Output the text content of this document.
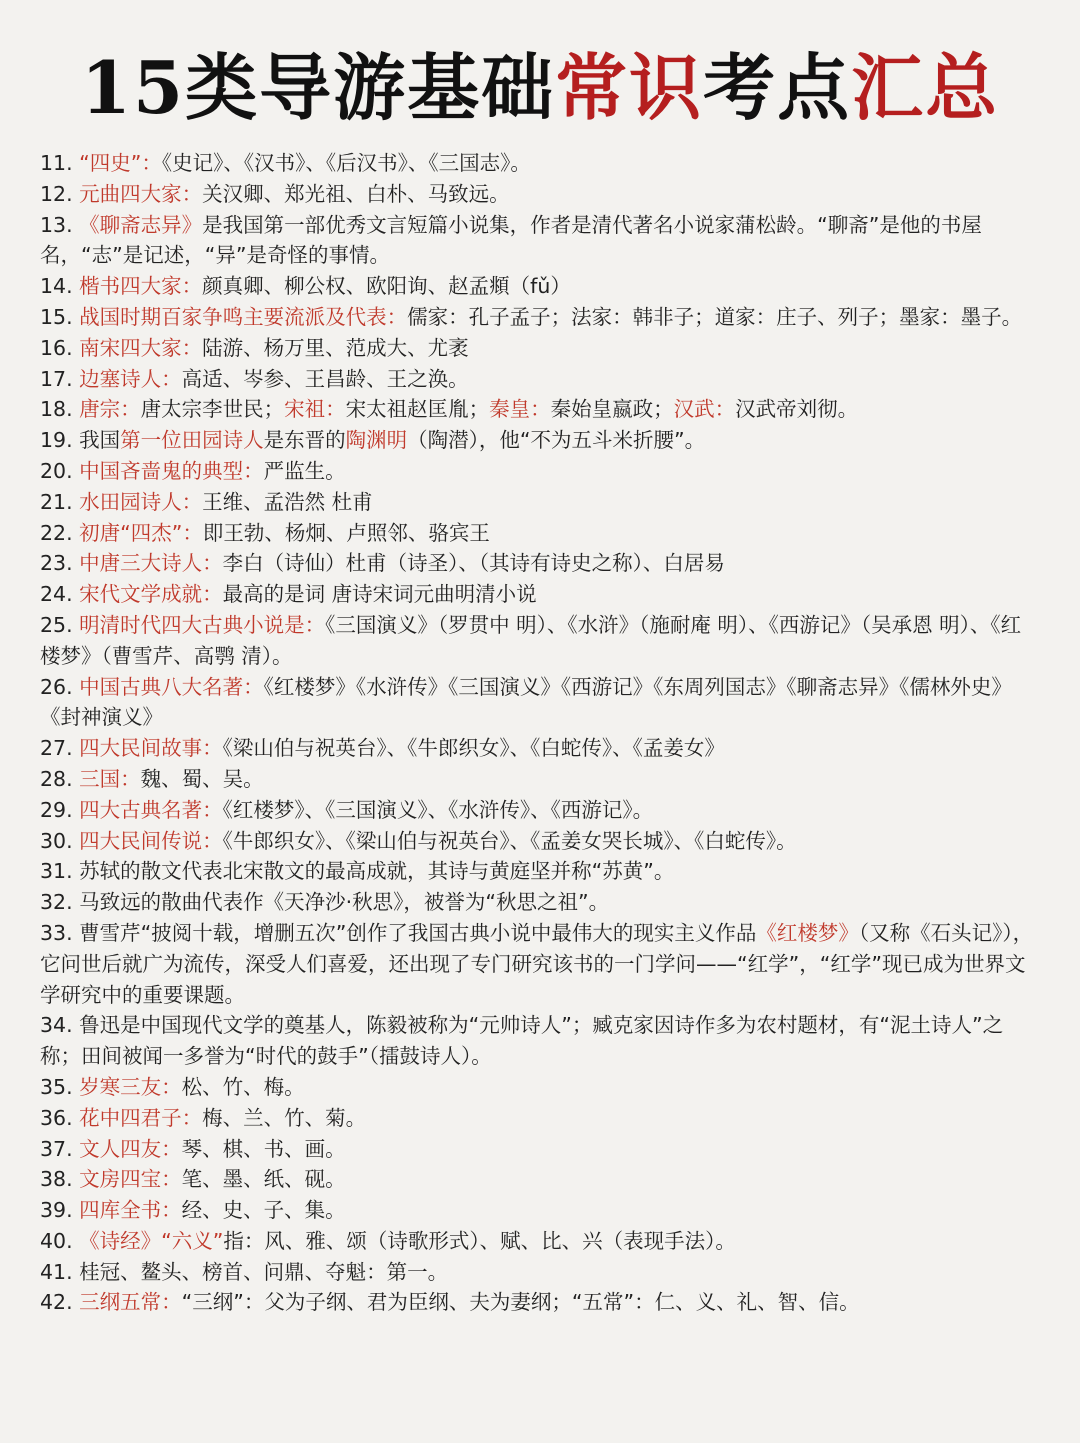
15类导游基础常识考点汇总

11. “四史”：《史记》、《汉书》、《后汉书》、《三国志》。

12. 元曲四大家：关汉卿、郑光祖、白朴、马致远。

13. 《聊斋志异》是我国第一部优秀文言短篇小说集，作者是清代著名小说家蒲松龄。“聊斋”是他的书屋名，“志”是记述，“异”是奇怪的事情。

14. 楷书四大家：颜真卿、柳公权、欧阳询、赵孟頫（fǔ）

15. 战国时期百家争鸣主要流派及代表：儒家：孔子孟子；法家：韩非子；道家：庄子、列子；墨家：墨子。

16. 南宋四大家：陆游、杨万里、范成大、尤袤

17. 边塞诗人：高适、岑参、王昌龄、王之涣。

18. 唐宗：唐太宗李世民；宋祖：宋太祖赵匡胤；秦皇：秦始皇嬴政；汉武：汉武帝刘彻。

19. 我国第一位田园诗人是东晋的陶渊明（陶潜），他“不为五斗米折腰”。

20. 中国吝啬鬼的典型：严监生。

21. 水田园诗人：王维、孟浩然 杜甫

22. 初唐“四杰”：即王勃、杨炯、卢照邻、骆宾王

23. 中唐三大诗人：李白（诗仙）杜甫（诗圣）、（其诗有诗史之称）、白居易

24. 宋代文学成就：最高的是词 唐诗宋词元曲明清小说

25. 明清时代四大古典小说是：《三国演义》（罗贯中 明）、《水浒》（施耐庵 明）、《西游记》（吴承恩 明）、《红楼梦》（曹雪芹、高鹗 清）。

26. 中国古典八大名著：《红楼梦》《水浒传》《三国演义》《西游记》《东周列国志》《聊斋志异》《儒林外史》《封神演义》

27. 四大民间故事：《梁山伯与祝英台》、《牛郎织女》、《白蛇传》、《孟姜女》

28. 三国：魏、蜀、吴。

29. 四大古典名著：《红楼梦》、《三国演义》、《水浒传》、《西游记》。

30. 四大民间传说：《牛郎织女》、《梁山伯与祝英台》、《孟姜女哭长城》、《白蛇传》。

31. 苏轼的散文代表北宋散文的最高成就，其诗与黄庭坚并称“苏黄”。

32. 马致远的散曲代表作《天净沙·秋思》，被誉为“秋思之祖”。

33. 曹雪芹“披阅十载，增删五次”创作了我国古典小说中最伟大的现实主义作品《红楼梦》（又称《石头记》），它问世后就广为流传，深受人们喜爱，还出现了专门研究该书的一门学问——“红学”，“红学”现已成为世界文学研究中的重要课题。

34. 鲁迅是中国现代文学的奠基人，陈毅被称为“元帅诗人”；臧克家因诗作多为农村题材，有“泥土诗人”之称；田间被闻一多誉为“时代的鼓手”（擂鼓诗人）。

35. 岁寒三友：松、竹、梅。

36. 花中四君子：梅、兰、竹、菊。

37. 文人四友：琴、棋、书、画。

38. 文房四宝：笔、墨、纸、砚。

39. 四库全书：经、史、子、集。

40. 《诗经》“六义”指：风、雅、颂（诗歌形式）、赋、比、兴（表现手法）。

41. 桂冠、鳌头、榜首、问鼎、夺魁：第一。

42. 三纲五常：“三纲”：父为子纲、君为臣纲、夫为妻纲；“五常”：仁、义、礼、智、信。
